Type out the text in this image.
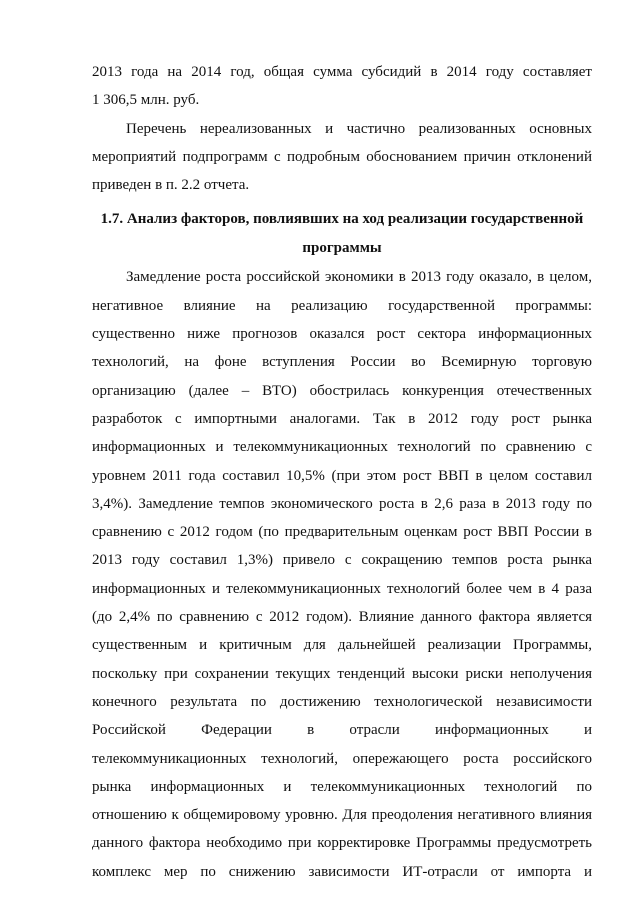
2013 года на 2014 год, общая сумма субсидий в 2014 году составляет
1 306,5 млн. руб.

Перечень нереализованных и частично реализованных основных
мероприятий подпрограмм с подробным обоснованием причин отклонений
приведен в п. 2.2 отчета.

1.7. Анализ факторов, повлиявших на ход реализации государственной
программы

Замедление роста российской экономики в 2013 году оказало, в целом,
негативное влияние на реализацию государственной программы:
существенно ниже прогнозов оказался рост сектора информационных
технологий, на фоне вступления России во Всемирную торговую
организацию (далее – ВТО) обострилась конкуренция отечественных
разработок с импортными аналогами. Так в 2012 году рост рынка
информационных и телекоммуникационных технологий по сравнению с
уровнем 2011 года составил 10,5% (при этом рост ВВП в целом составил
3,4%). Замедление темпов экономического роста в 2,6 раза в 2013 году по
сравнению с 2012 годом (по предварительным оценкам рост ВВП России в
2013 году составил 1,3%) привело с сокращению темпов роста рынка
информационных и телекоммуникационных технологий более чем в 4 раза
(до 2,4% по сравнению с 2012 годом). Влияние данного фактора является
существенным и критичным для дальнейшей реализации Программы,
поскольку при сохранении текущих тенденций высоки риски неполучения
конечного результата по достижению технологической независимости
Российской Федерации в отрасли информационных и
телекоммуникационных технологий, опережающего роста российского
рынка информационных и телекоммуникационных технологий по
отношению к общемировому уровню. Для преодоления негативного влияния
данного фактора необходимо при корректировке Программы предусмотреть
комплекс мер по снижению зависимости ИТ-отрасли от импорта и
